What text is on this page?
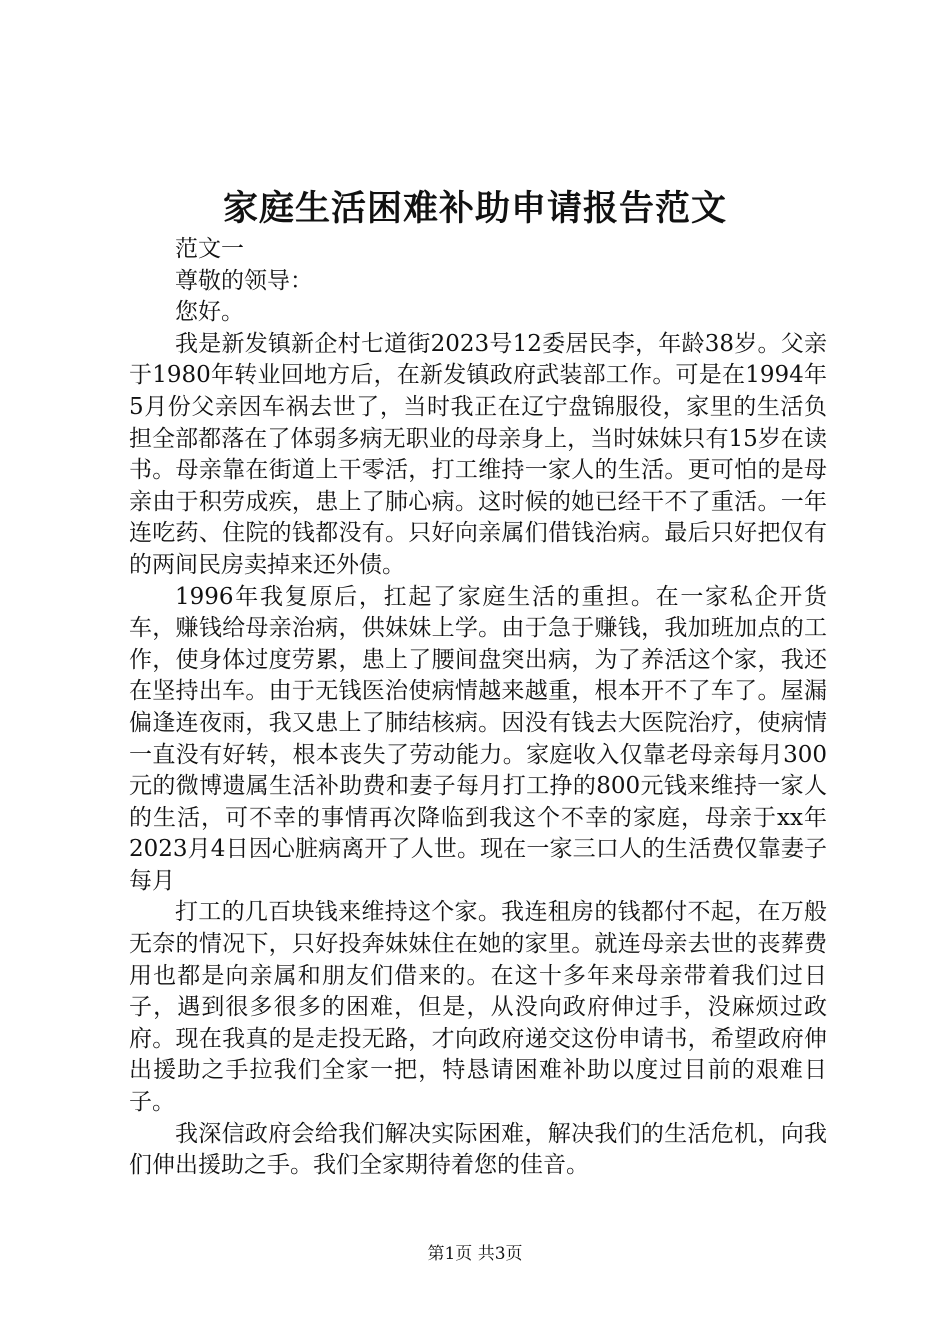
家庭生活困难补助申请报告范文

范文一

尊敬的领导：

您好。

我是新发镇新企村七道街2023号12委居民李，年龄38岁。父亲于1980年转业回地方后，在新发镇政府武装部工作。可是在1994年5月份父亲因车祸去世了，当时我正在辽宁盘锦服役，家里的生活负担全部都落在了体弱多病无职业的母亲身上，当时妹妹只有15岁在读书。母亲靠在街道上干零活，打工维持一家人的生活。更可怕的是母亲由于积劳成疾，患上了肺心病。这时候的她已经干不了重活。一年连吃药、住院的钱都没有。只好向亲属们借钱治病。最后只好把仅有的两间民房卖掉来还外债。

1996年我复原后，扛起了家庭生活的重担。在一家私企开货车，赚钱给母亲治病，供妹妹上学。由于急于赚钱，我加班加点的工作，使身体过度劳累，患上了腰间盘突出病，为了养活这个家，我还在坚持出车。由于无钱医治使病情越来越重，根本开不了车了。屋漏偏逢连夜雨，我又患上了肺结核病。因没有钱去大医院治疗，使病情一直没有好转，根本丧失了劳动能力。家庭收入仅靠老母亲每月300元的微博遗属生活补助费和妻子每月打工挣的800元钱来维持一家人的生活，可不幸的事情再次降临到我这个不幸的家庭，母亲于xx年2023月4日因心脏病离开了人世。现在一家三口人的生活费仅靠妻子每月

打工的几百块钱来维持这个家。我连租房的钱都付不起，在万般无奈的情况下，只好投奔妹妹住在她的家里。就连母亲去世的丧葬费用也都是向亲属和朋友们借来的。在这十多年来母亲带着我们过日子，遇到很多很多的困难，但是，从没向政府伸过手，没麻烦过政府。现在我真的是走投无路，才向政府递交这份申请书，希望政府伸出援助之手拉我们全家一把，特恳请困难补助以度过目前的艰难日子。

我深信政府会给我们解决实际困难，解决我们的生活危机，向我们伸出援助之手。我们全家期待着您的佳音。

第1页 共3页
